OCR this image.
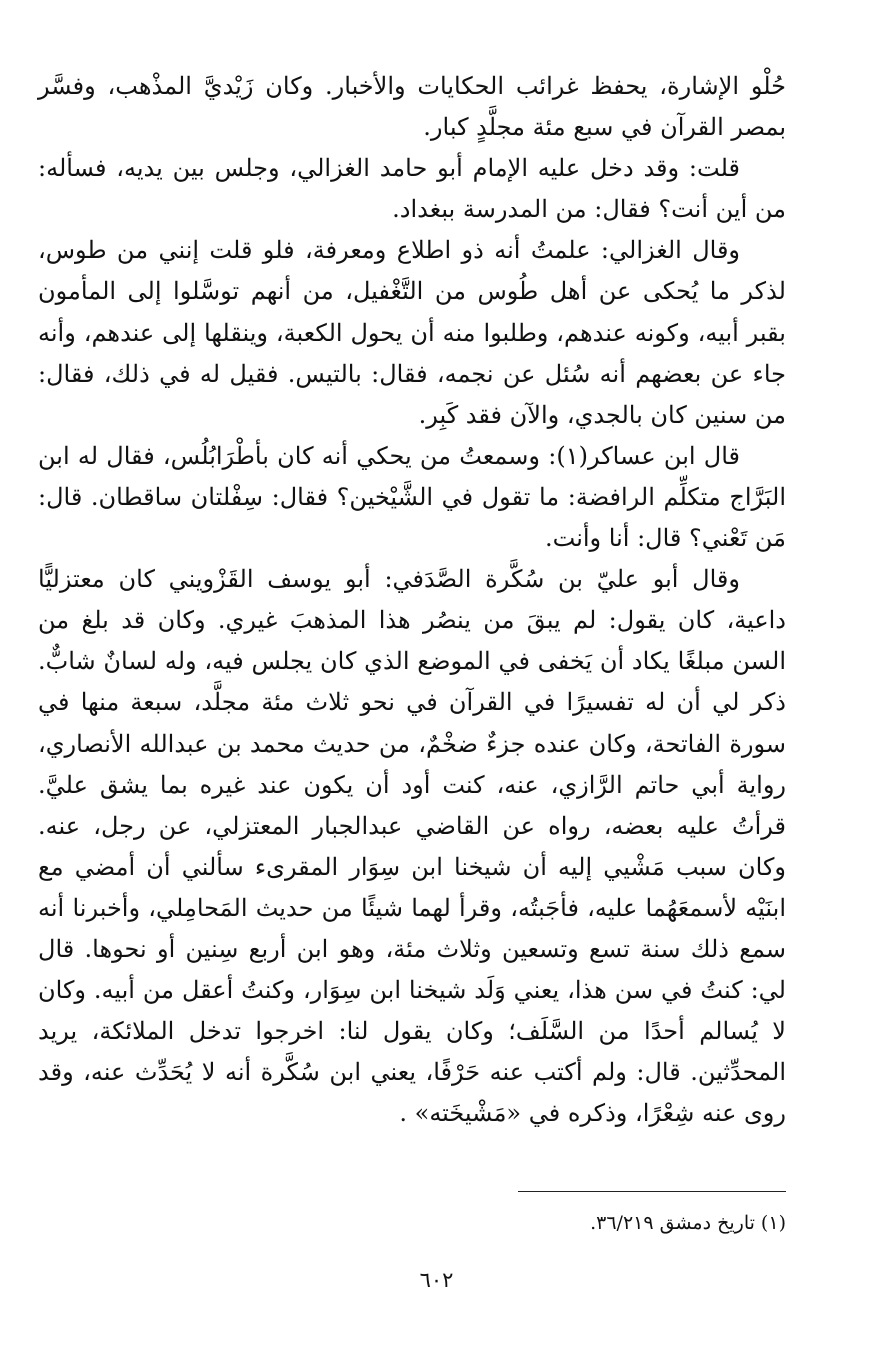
حُلْو الإشارة، يحفظ غرائب الحكايات والأخبار. وكان زَيْديَّ المذْهب، وفسَّر بمصر القرآن في سبع مئة مجلَّدٍ كبار.

قلت: وقد دخل عليه الإمام أبو حامد الغزالي، وجلس بين يديه، فسأله: من أين أنت؟ فقال: من المدرسة ببغداد.

وقال الغزالي: علمتُ أنه ذو اطلاع ومعرفة، فلو قلت إنني من طوس، لذكر ما يُحكى عن أهل طُوس من التَّغْفيل، من أنهم توسَّلوا إلى المأمون بقبر أبيه، وكونه عندهم، وطلبوا منه أن يحول الكعبة، وينقلها إلى عندهم، وأنه جاء عن بعضهم أنه سُئل عن نجمه، فقال: بالتيس. فقيل له في ذلك، فقال: من سنين كان بالجدي، والآن فقد كَبِر.

قال ابن عساكر(١): وسمعتُ من يحكي أنه كان بأطْرَابُلُس، فقال له ابن البَرَّاج متكلِّم الرافضة: ما تقول في الشَّيْخين؟ فقال: سِفْلتان ساقطان. قال: مَن تَعْني؟ قال: أنا وأنت.

وقال أبو عليّ بن سُكَّرة الصَّدَفي: أبو يوسف القَزْويني كان معتزليًّا داعية، كان يقول: لم يبقَ من ينصُر هذا المذهبَ غيري. وكان قد بلغ من السن مبلغًا يكاد أن يَخفى في الموضع الذي كان يجلس فيه، وله لسانٌ شابٌّ. ذكر لي أن له تفسيرًا في القرآن في نحو ثلاث مئة مجلَّد، سبعة منها في سورة الفاتحة، وكان عنده جزءٌ ضخْمٌ، من حديث محمد بن عبدالله الأنصاري، رواية أبي حاتم الرَّازي، عنه، كنت أود أن يكون عند غيره بما يشق عليَّ. قرأتُ عليه بعضه، رواه عن القاضي عبدالجبار المعتزلي، عن رجل، عنه. وكان سبب مَشْيي إليه أن شيخنا ابن سِوَار المقرىء سألني أن أمضي مع ابنَيْه لأسمعَهُما عليه، فأجَبتُه، وقرأ لهما شيئًا من حديث المَحامِلي، وأخبرنا أنه سمع ذلك سنة تسع وتسعين وثلاث مئة، وهو ابن أربع سِنين أو نحوها. قال لي: كنتُ في سن هذا، يعني وَلَد شيخنا ابن سِوَار، وكنتُ أعقل من أبيه. وكان لا يُسالم أحدًا من السَّلَف؛ وكان يقول لنا: اخرجوا تدخل الملائكة، يريد المحدِّثين. قال: ولم أكتب عنه حَرْفًا، يعني ابن سُكَّرة أنه لا يُحَدِّث عنه، وقد روى عنه شِعْرًا، وذكره في «مَشْيخَته» .

(١) تاريخ دمشق ٣٦/٢١٩.
٦٠٢
